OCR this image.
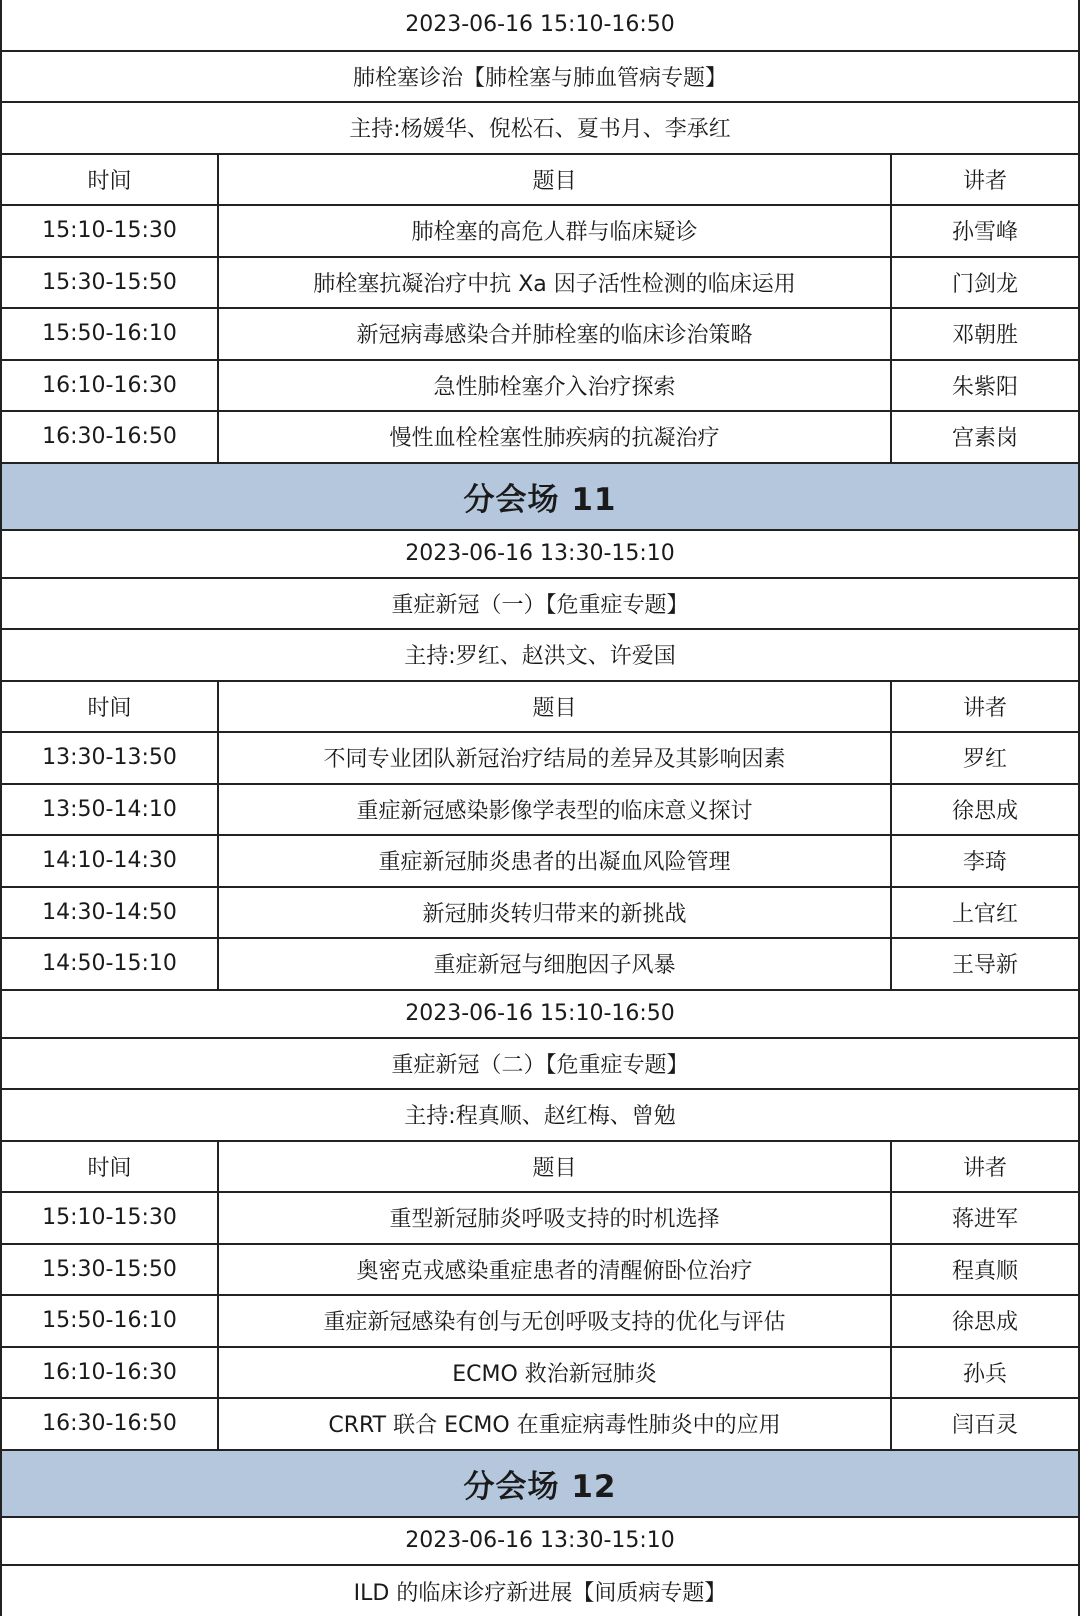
2023-06-16 15:10-16:50
肺栓塞诊治【肺栓塞与肺血管病专题】
主持:杨媛华、倪松石、夏书月、李承红
时间	题目	讲者
15:10-15:30	肺栓塞的高危人群与临床疑诊	孙雪峰
15:30-15:50	肺栓塞抗凝治疗中抗 Xa 因子活性检测的临床运用	门剑龙
15:50-16:10	新冠病毒感染合并肺栓塞的临床诊治策略	邓朝胜
16:10-16:30	急性肺栓塞介入治疗探索	朱紫阳
16:30-16:50	慢性血栓栓塞性肺疾病的抗凝治疗	宫素岗
分会场 11
2023-06-16 13:30-15:10
重症新冠（一）【危重症专题】
主持:罗红、赵洪文、许爱国
时间	题目	讲者
13:30-13:50	不同专业团队新冠治疗结局的差异及其影响因素	罗红
13:50-14:10	重症新冠感染影像学表型的临床意义探讨	徐思成
14:10-14:30	重症新冠肺炎患者的出凝血风险管理	李琦
14:30-14:50	新冠肺炎转归带来的新挑战	上官红
14:50-15:10	重症新冠与细胞因子风暴	王导新
2023-06-16 15:10-16:50
重症新冠（二）【危重症专题】
主持:程真顺、赵红梅、曾勉
时间	题目	讲者
15:10-15:30	重型新冠肺炎呼吸支持的时机选择	蒋进军
15:30-15:50	奥密克戎感染重症患者的清醒俯卧位治疗	程真顺
15:50-16:10	重症新冠感染有创与无创呼吸支持的优化与评估	徐思成
16:10-16:30	ECMO 救治新冠肺炎	孙兵
16:30-16:50	CRRT 联合 ECMO 在重症病毒性肺炎中的应用	闫百灵
分会场 12
2023-06-16 13:30-15:10
ILD 的临床诊疗新进展【间质病专题】
